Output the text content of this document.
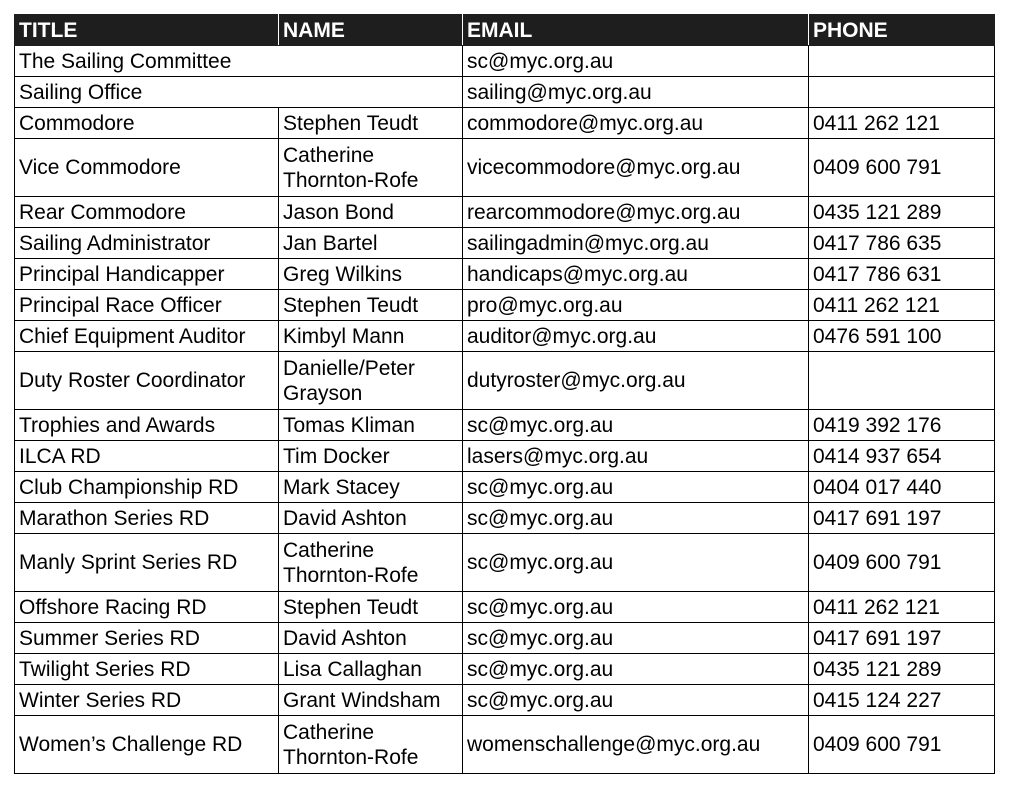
TITLE	NAME	EMAIL	PHONE
The Sailing Committee		sc@myc.org.au	
Sailing Office		sailing@myc.org.au	
Commodore	Stephen Teudt	commodore@myc.org.au	0411 262 121
Vice Commodore	Catherine Thornton-Rofe	vicecommodore@myc.org.au	0409 600 791
Rear Commodore	Jason Bond	rearcommodore@myc.org.au	0435 121 289
Sailing Administrator	Jan Bartel	sailingadmin@myc.org.au	0417 786 635
Principal Handicapper	Greg Wilkins	handicaps@myc.org.au	0417 786 631
Principal Race Officer	Stephen Teudt	pro@myc.org.au	0411 262 121
Chief Equipment Auditor	Kimbyl Mann	auditor@myc.org.au	0476 591 100
Duty Roster Coordinator	Danielle/Peter Grayson	dutyroster@myc.org.au	
Trophies and Awards	Tomas Kliman	sc@myc.org.au	0419 392 176
ILCA RD	Tim Docker	lasers@myc.org.au	0414 937 654
Club Championship RD	Mark Stacey	sc@myc.org.au	0404 017 440
Marathon Series RD	David Ashton	sc@myc.org.au	0417 691 197
Manly Sprint Series RD	Catherine Thornton-Rofe	sc@myc.org.au	0409 600 791
Offshore Racing RD	Stephen Teudt	sc@myc.org.au	0411 262 121
Summer Series RD	David Ashton	sc@myc.org.au	0417 691 197
Twilight Series RD	Lisa Callaghan	sc@myc.org.au	0435 121 289
Winter Series RD	Grant Windsham	sc@myc.org.au	0415 124 227
Women’s Challenge RD	Catherine Thornton-Rofe	womenschallenge@myc.org.au	0409 600 791
